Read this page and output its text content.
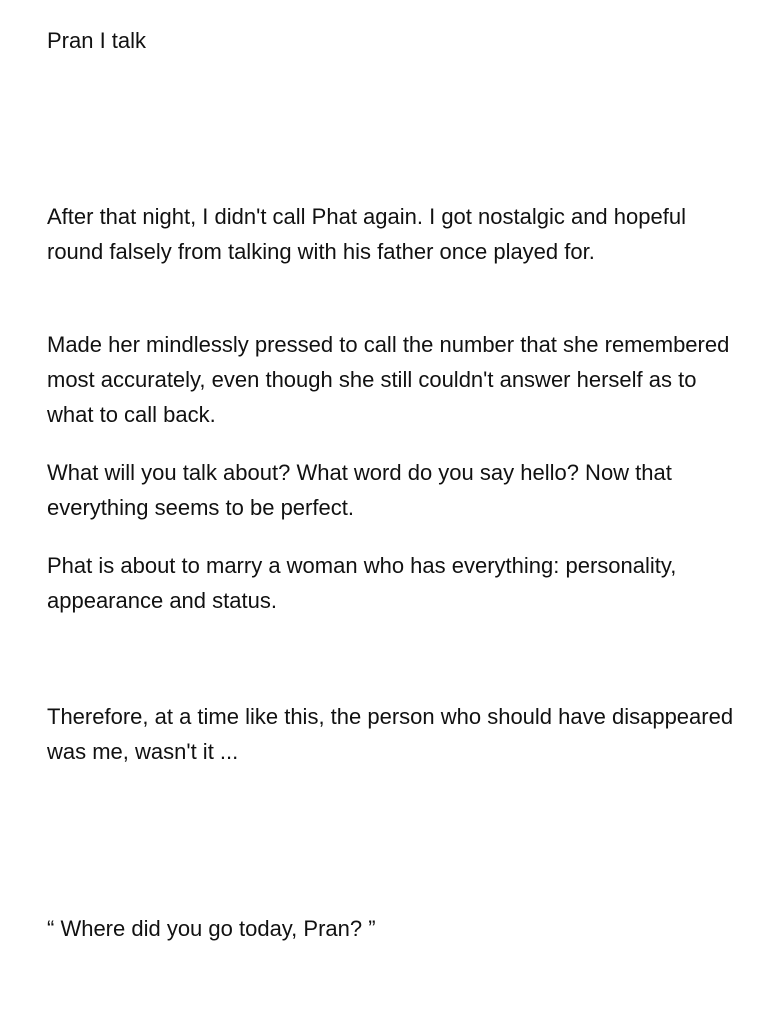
Pran I talk

After that night, I didn't call Phat again. I got nostalgic and hopeful round falsely from talking with his father once played for.

Made her mindlessly pressed to call the number that she remembered most accurately, even though she still couldn't answer herself as to what to call back.

What will you talk about? What word do you say hello? Now that everything seems to be perfect.

Phat is about to marry a woman who has everything: personality, appearance and status.

Therefore, at a time like this, the person who should have disappeared was me, wasn't it ...

“ Where did you go today, Pran? ”
